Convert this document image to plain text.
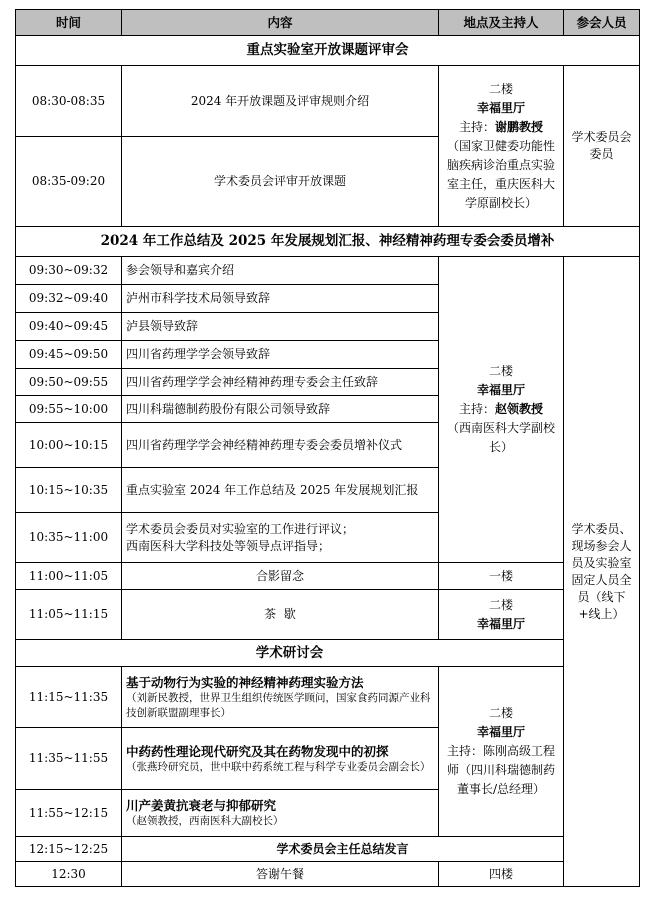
时间	内容	地点及主持人	参会人员
重点实验室开放课题评审会			
08:30-08:35	2024 年开放课题及评审规则介绍	二楼
幸福里厅
主持：谢鹏教授
（国家卫健委功能性脑疾病诊治重点实验室主任，重庆医科大学原副校长）	学术委员会委员
08:35-09:20	学术委员会评审开放课题		
2024 年工作总结及 2025 年发展规划汇报、神经精神药理专委会委员增补			
09:30~09:32	参会领导和嘉宾介绍	二楼
幸福里厅
主持：赵领教授
（西南医科大学副校长）	学术委员、现场参会人员及实验室固定人员全员（线下+线上）
09:32~09:40	泸州市科学技术局领导致辞		
09:40~09:45	泸县领导致辞		
09:45~09:50	四川省药理学学会领导致辞		
09:50~09:55	四川省药理学学会神经精神药理专委会主任致辞		
09:55~10:00	四川科瑞德制药股份有限公司领导致辞		
10:00~10:15	四川省药理学学会神经精神药理专委会委员增补仪式		
10:15~10:35	重点实验室 2024 年工作总结及 2025 年发展规划汇报		
10:35~11:00	学术委员会委员对实验室的工作进行评议；
西南医科大学科技处等领导点评指导；		

11:00~11:05	合影留念	一楼	
11:05~11:15	茶  歇	二楼
幸福里厅	

学术研讨会			
11:15~11:35	基于动物行为实验的神经精神药理实验方法
（刘新民教授，世界卫生组织传统医学顾问，国家食药同源产业科技创新联盟副理事长）	二楼
幸福里厅
主持：陈刚高级工程师（四川科瑞德制药董事长/总经理）	

11:35~11:55	中药药性理论现代研究及其在药物发现中的初探
（张燕玲研究员，世中联中药系统工程与科学专业委员会副会长）		

11:55~12:15	川产姜黄抗衰老与抑郁研究
（赵领教授，西南医科大副校长）		

12:15~12:25	学术委员会主任总结发言		
12:30	答谢午餐	四楼	
